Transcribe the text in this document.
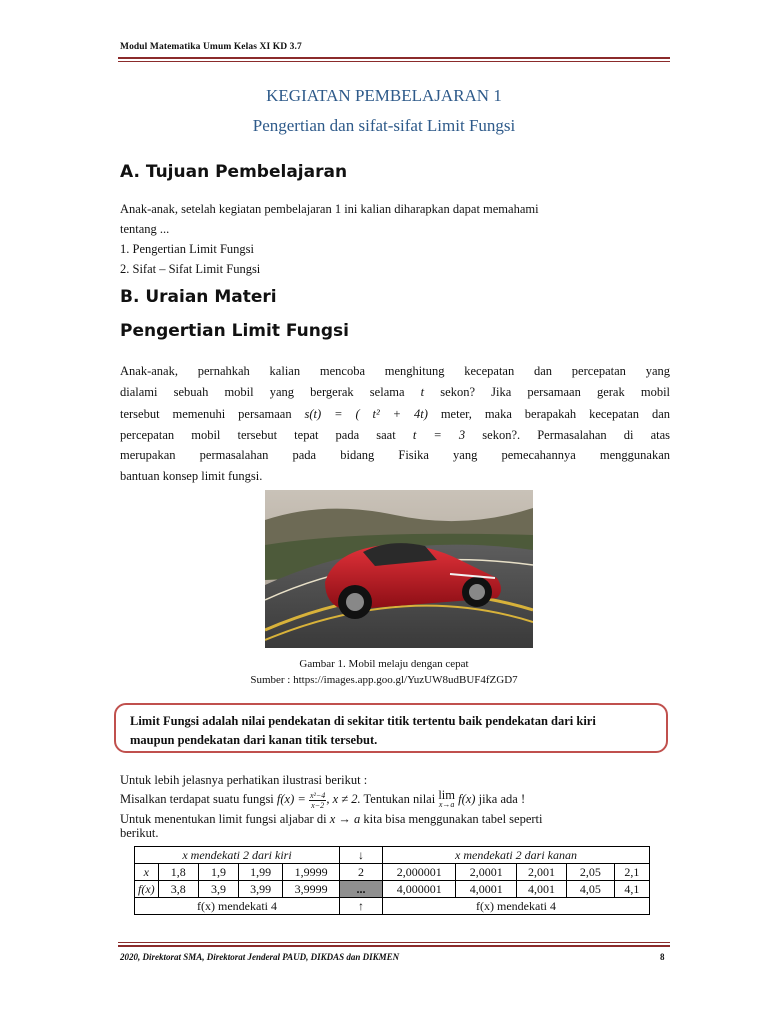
Modul Matematika Umum Kelas XI KD 3.7
KEGIATAN PEMBELAJARAN 1
Pengertian dan sifat-sifat Limit Fungsi
A. Tujuan Pembelajaran
Anak-anak, setelah kegiatan pembelajaran 1 ini kalian diharapkan dapat memahami
tentang ...
1. Pengertian Limit Fungsi
2. Sifat – Sifat Limit Fungsi
B. Uraian Materi
Pengertian Limit Fungsi
Anak-anak, pernahkah kalian mencoba menghitung kecepatan dan percepatan yang
dialami sebuah mobil yang bergerak selama t sekon? Jika persamaan gerak mobil
tersebut memenuhi persamaan s(t) = ( t² + 4t) meter, maka berapakah kecepatan dan
percepatan mobil tersebut tepat pada saat t = 3 sekon?. Permasalahan di atas
merupakan permasalahan pada bidang Fisika yang pemecahannya menggunakan
bantuan konsep limit fungsi.
Gambar 1. Mobil melaju dengan cepat
Sumber : https://images.app.goo.gl/YuzUW8udBUF4fZGD7
Limit Fungsi adalah nilai pendekatan di sekitar titik tertentu baik pendekatan dari kiri
maupun pendekatan dari kanan titik tersebut.
Untuk lebih jelasnya perhatikan ilustrasi berikut :
Misalkan terdapat suatu fungsi $f(x) = \frac{\text{x²−4}}{x-2}$ , x ≠ 2. Tentukan nilai lim
x→a f(x) jika ada !
Untuk menentukan limit fungsi aljabar di x → a kita bisa menggunakan tabel seperti
berikut.
x mendekati 2 dari kiri					↓	x mendekati 2 dari kanan				
x	1,8	1,9	1,99	1,9999	2	2,000001	2,0001	2,001	2,05	2,1
f(x)	3,8	3,9	3,99	3,9999	...	4,000001	4,0001	4,001	4,05	4,1
f(x) mendekati 4					↑	f(x) mendekati 4				
2020, Direktorat SMA, Direktorat Jenderal PAUD, DIKDAS dan DIKMEN	8
